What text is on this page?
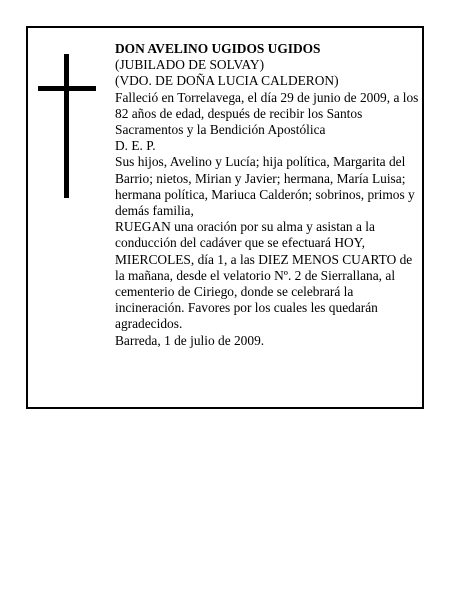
DON AVELINO UGIDOS UGIDOS

(JUBILADO DE SOLVAY)

(VDO. DE DOÑA LUCIA CALDERON)

Falleció en Torrelavega, el día 29 de junio de 2009, a los 82 años de edad, después de recibir los Santos Sacramentos y la Bendición Apostólica

D. E. P.

Sus hijos, Avelino y Lucía; hija política, Margarita del Barrio; nietos, Mirian y Javier; hermana, María Luisa; hermana política, Mariuca Calderón; sobrinos, primos y demás familia,

RUEGAN una oración por su alma y asistan a la conducción del cadáver que se efectuará HOY, MIERCOLES, día 1, a las DIEZ MENOS CUARTO de la mañana, desde el velatorio Nº. 2 de Sierrallana, al cementerio de Ciriego, donde se celebrará la incineración. Favores por los cuales les quedarán agradecidos.

Barreda, 1 de julio de 2009.
